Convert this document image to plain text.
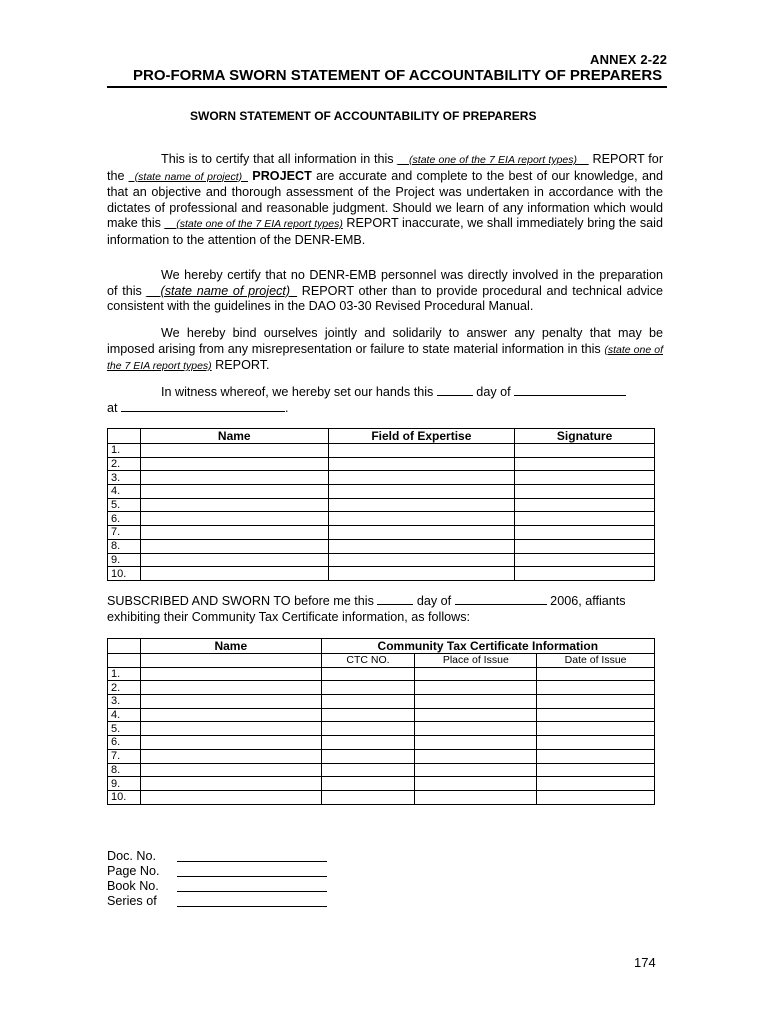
ANNEX 2-22
PRO-FORMA SWORN STATEMENT OF ACCOUNTABILITY OF PREPARERS
SWORN STATEMENT OF ACCOUNTABILITY OF PREPARERS

This is to certify that all information in this __(state one of the 7 EIA report types)__ REPORT for the _(state name of project)_ PROJECT are accurate and complete to the best of our knowledge, and that an objective and thorough assessment of the Project was undertaken in accordance with the dictates of professional and reasonable judgment. Should we learn of any information which would make this __(state one of the 7 EIA report types) REPORT inaccurate, we shall immediately bring the said information to the attention of the DENR-EMB.

We hereby certify that no DENR-EMB personnel was directly involved in the preparation of this __(state name of project)_ REPORT other than to provide procedural and technical advice consistent with the guidelines in the DAO 03-30 Revised Procedural Manual.

We hereby bind ourselves jointly and solidarily to answer any penalty that may be imposed arising from any misrepresentation or failure to state material information in this (state one of the 7 EIA report types) REPORT.

In witness whereof, we hereby set our hands this	day of

at	.

	Name	Field of Expertise	Signature
1.			
2.			
3.			
4.			
5.			
6.			
7.			
8.			
9.			
10.			
SUBSCRIBED AND SWORN TO before me this	day of	2006, affiants exhibiting their Community Tax Certificate information, as follows:
	Name	Community Tax Certificate Information		
		CTC NO.	Place of Issue	Date of Issue
1.				
2.				
3.				
4.				
5.				
6.				
7.				
8.				
9.				
10.				
Doc. No.
Page No.
Book No.
Series of
174
